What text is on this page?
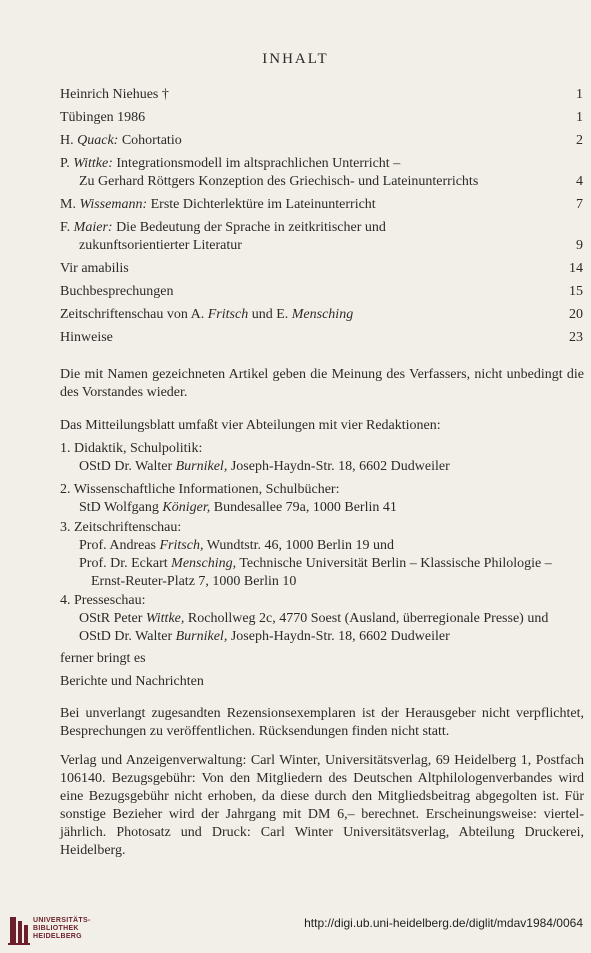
INHALT
Heinrich Niehues †	1
Tübingen 1986	1
H. Quack: Cohortatio	2
P. Wittke: Integrationsmodell im altsprachlichen Unterricht –
Zu Gerhard Röttgers Konzeption des Griechisch- und Lateinunterrichts	4
M. Wissemann: Erste Dichterlektüre im Lateinunterricht	7
F. Maier: Die Bedeutung der Sprache in zeitkritischer und
zukunftsorientierter Literatur	9
Vir amabilis	14
Buchbesprechungen	15
Zeitschriftenschau von A. Fritsch und E. Mensching	20
Hinweise	23
Die mit Namen gezeichneten Artikel geben die Meinung des Verfassers, nicht unbedingt die des Vorstandes wieder.
Das Mitteilungsblatt umfaßt vier Abteilungen mit vier Redaktionen:
1. Didaktik, Schulpolitik:
OStD Dr. Walter Burnikel, Joseph-Haydn-Str. 18, 6602 Dudweiler
2. Wissenschaftliche Informationen, Schulbücher:
StD Wolfgang Königer, Bundesallee 79a, 1000 Berlin 41
3. Zeitschriftenschau:
Prof. Andreas Fritsch, Wundtstr. 46, 1000 Berlin 19 und
Prof. Dr. Eckart Mensching, Technische Universität Berlin – Klassische Philologie –
Ernst-Reuter-Platz 7, 1000 Berlin 10
4. Presseschau:
OStR Peter Wittke, Rochollweg 2c, 4770 Soest (Ausland, überregionale Presse) und
OStD Dr. Walter Burnikel, Joseph-Haydn-Str. 18, 6602 Dudweiler
ferner bringt es
Berichte und Nachrichten
Bei unverlangt zugesandten Rezensionsexemplaren ist der Herausgeber nicht verpflichtet, Besprechungen zu veröffentlichen. Rücksendungen finden nicht statt.
Verlag und Anzeigenverwaltung: Carl Winter, Universitätsverlag, 69 Heidelberg 1, Postfach 106140. Bezugsgebühr: Von den Mitgliedern des Deutschen Altphilologenverbandes wird eine Bezugsgebühr nicht erhoben, da diese durch den Mitgliedsbeitrag abgegolten ist. Für sonstige Bezieher wird der Jahrgang mit DM 6,– berechnet. Erscheinungsweise: vierteljährlich. Photosatz und Druck: Carl Winter Universitätsverlag, Abteilung Druckerei, Heidelberg.
UNIVERSITÄTS-
BIBLIOTHEK
HEIDELBERG
http://digi.ub.uni-heidelberg.de/diglit/mdav1984/0064
